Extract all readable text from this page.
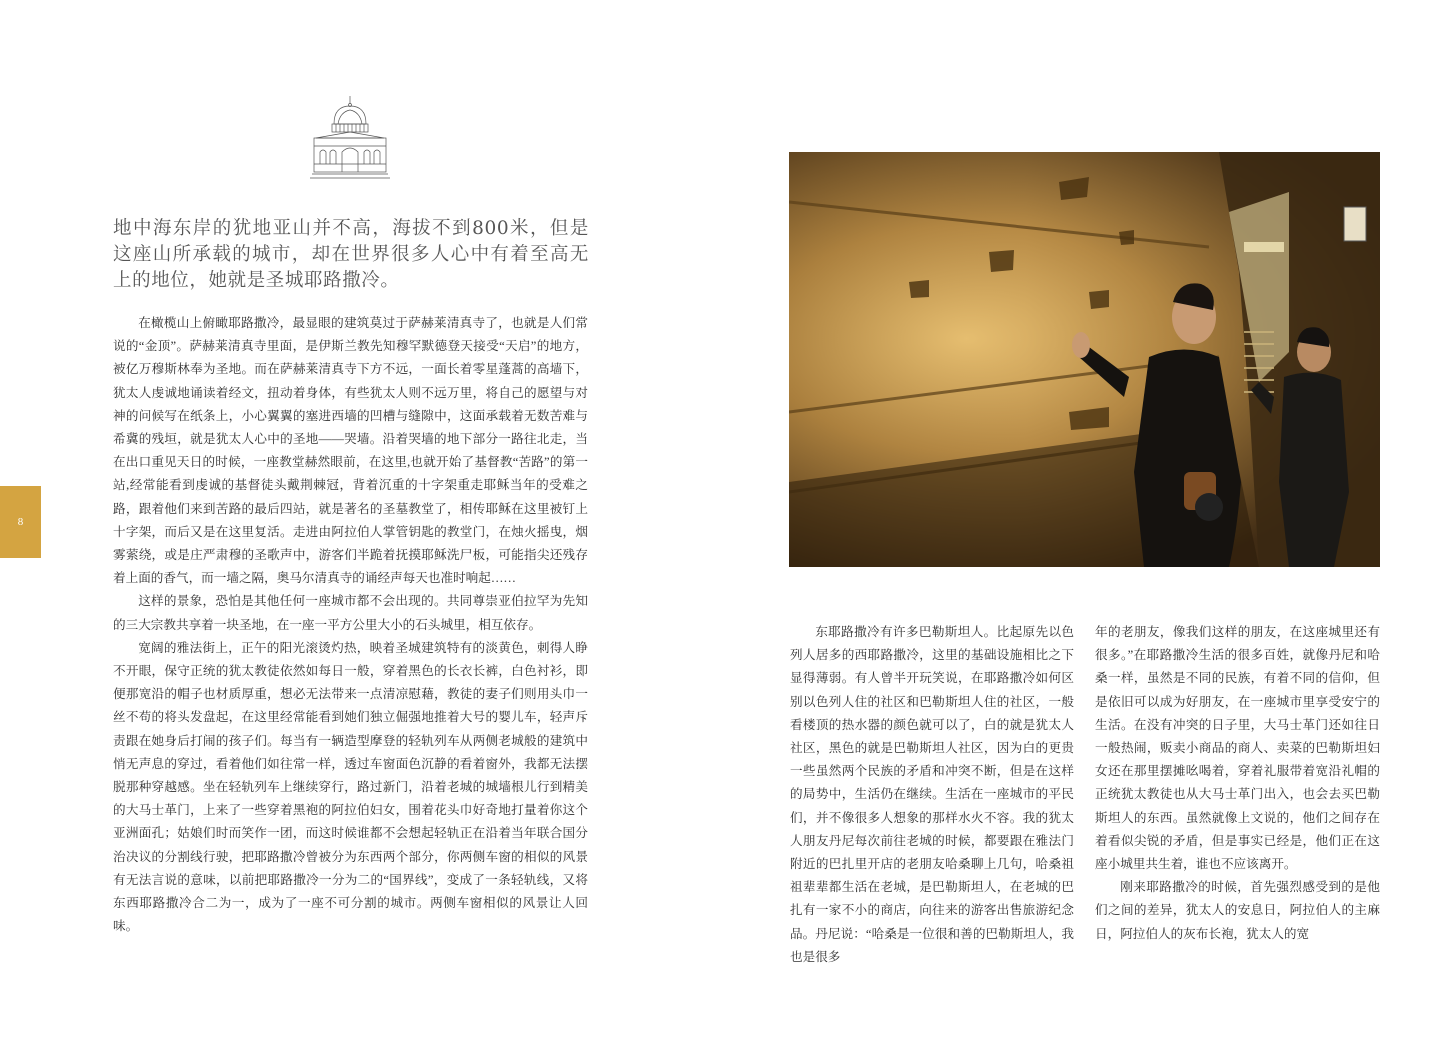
8
地中海东岸的犹地亚山并不高，海拔不到800米，但是这座山所承载的城市，却在世界很多人心中有着至高无上的地位，她就是圣城耶路撒冷。

在橄榄山上俯瞰耶路撒冷，最显眼的建筑莫过于萨赫莱清真寺了，也就是人们常说的“金顶”。萨赫莱清真寺里面，是伊斯兰教先知穆罕默德登天接受“天启”的地方，被亿万穆斯林奉为圣地。而在萨赫莱清真寺下方不远，一面长着零星蓬蒿的高墙下，犹太人虔诚地诵读着经文，扭动着身体，有些犹太人则不远万里，将自己的愿望与对神的问候写在纸条上，小心翼翼的塞进西墙的凹槽与缝隙中，这面承载着无数苦难与希冀的残垣，就是犹太人心中的圣地——哭墙。沿着哭墙的地下部分一路往北走，当在出口重见天日的时候，一座教堂赫然眼前，在这里,也就开始了基督教“苦路”的第一站,经常能看到虔诚的基督徒头戴荆棘冠，背着沉重的十字架重走耶稣当年的受难之路，跟着他们来到苦路的最后四站，就是著名的圣墓教堂了，相传耶稣在这里被钉上十字架，而后又是在这里复活。走进由阿拉伯人掌管钥匙的教堂门，在烛火摇曳，烟雾萦绕，或是庄严肃穆的圣歌声中，游客们半跪着抚摸耶稣洗尸板，可能指尖还残存着上面的香气，而一墙之隔，奥马尔清真寺的诵经声每天也准时响起……

这样的景象，恐怕是其他任何一座城市都不会出现的。共同尊崇亚伯拉罕为先知的三大宗教共享着一块圣地，在一座一平方公里大小的石头城里，相互依存。

宽阔的雅法街上，正午的阳光滚烫灼热，映着圣城建筑特有的淡黄色，刺得人睁不开眼，保守正统的犹太教徒依然如每日一般，穿着黑色的长衣长裤，白色衬衫，即便那宽沿的帽子也材质厚重，想必无法带来一点清凉慰藉，教徒的妻子们则用头巾一丝不苟的将头发盘起，在这里经常能看到她们独立倔强地推着大号的婴儿车，轻声斥责跟在她身后打闹的孩子们。每当有一辆造型摩登的轻轨列车从两侧老城般的建筑中悄无声息的穿过，看着他们如往常一样，透过车窗面色沉静的看着窗外，我都无法摆脱那种穿越感。坐在轻轨列车上继续穿行，路过新门，沿着老城的城墙根儿行到精美的大马士革门，上来了一些穿着黑袍的阿拉伯妇女，围着花头巾好奇地打量着你这个亚洲面孔；姑娘们时而笑作一团，而这时候谁都不会想起轻轨正在沿着当年联合国分治决议的分割线行驶，把耶路撒冷曾被分为东西两个部分，你两侧车窗的相似的风景有无法言说的意味，以前把耶路撒冷一分为二的“国界线”，变成了一条轻轨线，又将东西耶路撒冷合二为一，成为了一座不可分割的城市。两侧车窗相似的风景让人回味。

东耶路撒冷有许多巴勒斯坦人。比起原先以色列人居多的西耶路撒冷，这里的基础设施相比之下显得薄弱。有人曾半开玩笑说，在耶路撒冷如何区别以色列人住的社区和巴勒斯坦人住的社区，一般看楼顶的热水器的颜色就可以了，白的就是犹太人社区，黑色的就是巴勒斯坦人社区，因为白的更贵一些虽然两个民族的矛盾和冲突不断，但是在这样的局势中，生活仍在继续。生活在一座城市的平民们，并不像很多人想象的那样水火不容。我的犹太人朋友丹尼每次前往老城的时候，都要跟在雅法门附近的巴扎里开店的老朋友哈桑聊上几句，哈桑祖祖辈辈都生活在老城，是巴勒斯坦人，在老城的巴扎有一家不小的商店，向往来的游客出售旅游纪念品。丹尼说：“哈桑是一位很和善的巴勒斯坦人，我也是很多

年的老朋友，像我们这样的朋友，在这座城里还有很多。”在耶路撒冷生活的很多百姓，就像丹尼和哈桑一样，虽然是不同的民族，有着不同的信仰，但是依旧可以成为好朋友，在一座城市里享受安宁的生活。在没有冲突的日子里，大马士革门还如往日一般热闹，贩卖小商品的商人、卖菜的巴勒斯坦妇女还在那里摆摊吆喝着，穿着礼服带着宽沿礼帽的正统犹太教徒也从大马士革门出入，也会去买巴勒斯坦人的东西。虽然就像上文说的，他们之间存在着看似尖锐的矛盾，但是事实已经是，他们正在这座小城里共生着，谁也不应该离开。

刚来耶路撒冷的时候，首先强烈感受到的是他们之间的差异，犹太人的安息日，阿拉伯人的主麻日，阿拉伯人的灰布长袍，犹太人的宽
